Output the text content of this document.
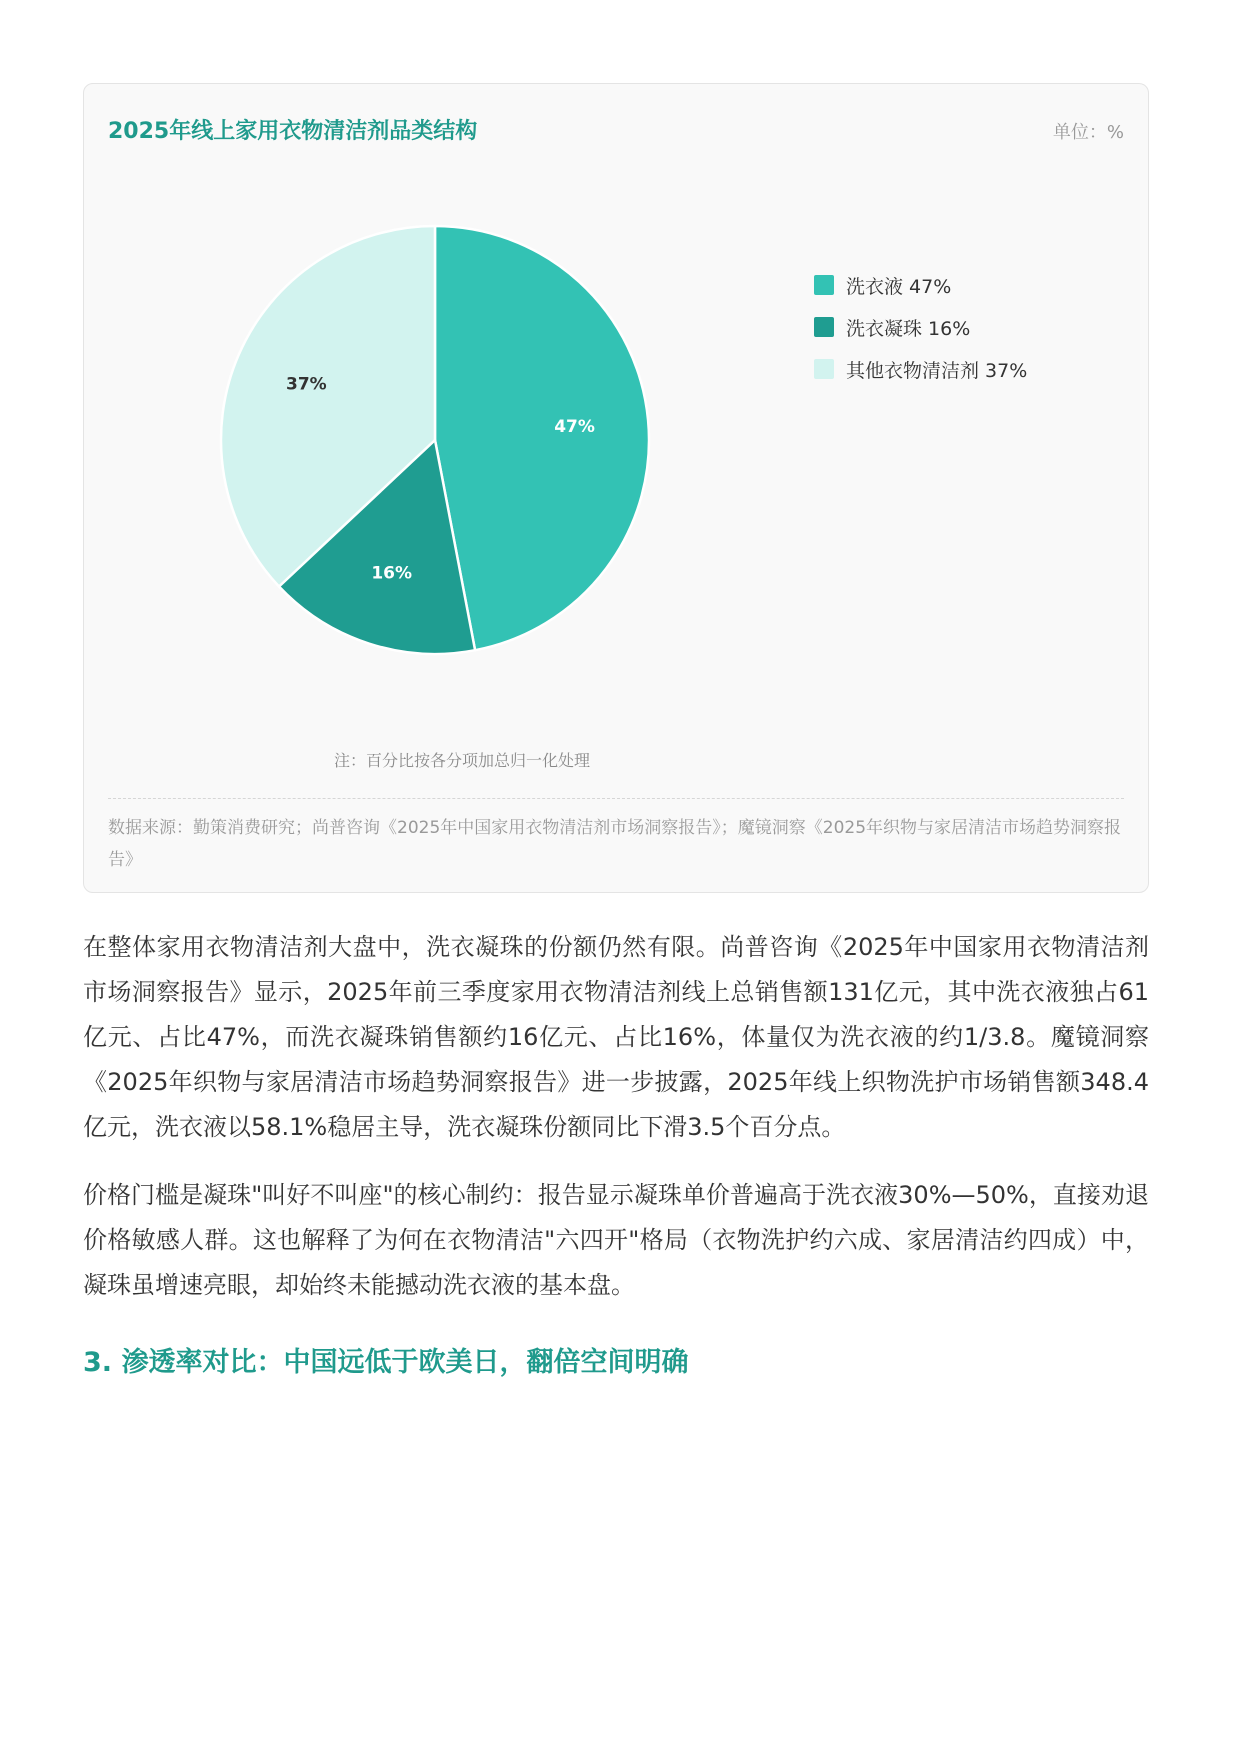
2025年线上家用衣物清洁剂品类结构	单位：%
47%
16%
37%
洗衣液 47%
洗衣凝珠 16%
其他衣物清洁剂 37%
注：百分比按各分项加总归一化处理
数据来源：勤策消费研究；尚普咨询《2025年中国家用衣物清洁剂市场洞察报告》；魔镜洞察《2025年织物与家居清洁市场趋势洞察报告》

在整体家用衣物清洁剂大盘中，洗衣凝珠的份额仍然有限。尚普咨询《2025年中国家用衣物清洁剂市场洞察报告》显示，2025年前三季度家用衣物清洁剂线上总销售额131亿元，其中洗衣液独占61亿元、占比47%，而洗衣凝珠销售额约16亿元、占比16%，体量仅为洗衣液的约1/3.8。魔镜洞察《2025年织物与家居清洁市场趋势洞察报告》进一步披露，2025年线上织物洗护市场销售额348.4亿元，洗衣液以58.1%稳居主导，洗衣凝珠份额同比下滑3.5个百分点。

价格门槛是凝珠"叫好不叫座"的核心制约：报告显示凝珠单价普遍高于洗衣液30%—50%，直接劝退价格敏感人群。这也解释了为何在衣物清洁"六四开"格局（衣物洗护约六成、家居清洁约四成）中，凝珠虽增速亮眼，却始终未能撼动洗衣液的基本盘。

3. 渗透率对比：中国远低于欧美日，翻倍空间明确
